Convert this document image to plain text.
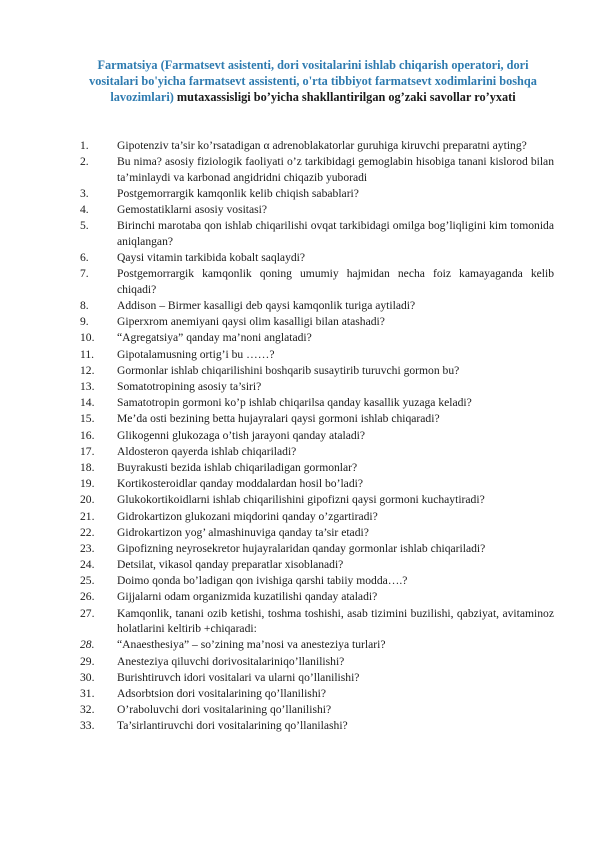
Farmatsiya (Farmatsevt asistenti, dori vositalarini ishlab chiqarish operatori, dori vositalari bo'yicha farmatsevt assistenti, o'rta tibbiyot farmatsevt xodimlarini boshqa lavozimlari) mutaxassisligi bo’yicha shakllantirilgan og’zaki savollar ro’yxati
1.	Gipotenziv ta’sir ko’rsatadigan α adrenoblakatorlar guruhiga kiruvchi preparatni ayting?
2.	Bu nima? asosiy fiziologik faoliyati o’z tarkibidagi gemoglabin hisobiga tanani kislorod bilan ta’minlaydi va karbonad angidridni chiqazib yuboradi
3.	Postgemorrargik kamqonlik kelib chiqish sabablari?
4.	Gemostatiklarni asosiy vositasi?
5.	Birinchi marotaba qon ishlab chiqarilishi ovqat tarkibidagi omilga bog’liqligini kim tomonida aniqlangan?
6.	Qaysi vitamin tarkibida kobalt saqlaydi?
7.	Postgemorrargik kamqonlik qoning umumiy hajmidan necha foiz kamayaganda kelib chiqadi?
8.	Addison – Birmer kasalligi deb qaysi kamqonlik turiga aytiladi?
9.	Giperxrom anemiyani qaysi olim kasalligi bilan atashadi?
10.	“Agregatsiya” qanday ma’noni anglatadi?
11.	Gipotalamusning ortig’i bu ……?
12.	Gormonlar ishlab chiqarilishini boshqarib susaytirib turuvchi gormon bu?
13.	Somatotropining asosiy ta’siri?
14.	Samatotropin gormoni ko’p ishlab chiqarilsa qanday kasallik yuzaga keladi?
15.	Me’da osti bezining betta hujayralari qaysi gormoni ishlab chiqaradi?
16.	Glikogenni glukozaga o’tish jarayoni qanday ataladi?
17.	Aldosteron qayerda ishlab chiqariladi?
18.	Buyrakusti bezida ishlab chiqariladigan gormonlar?
19.	Kortikosteroidlar qanday moddalardan hosil bo’ladi?
20.	Glukokortikoidlarni ishlab chiqarilishini gipofizni qaysi gormoni kuchaytiradi?
21.	Gidrokartizon glukozani miqdorini qanday o’zgartiradi?
22.	Gidrokartizon yog’ almashinuviga qanday ta’sir etadi?
23.	Gipofizning neyrosekretor hujayralaridan qanday gormonlar ishlab chiqariladi?
24.	Detsilat, vikasol qanday preparatlar xisoblanadi?
25.	Doimo qonda bo’ladigan qon ivishiga qarshi tabiiy modda….?
26.	Gijjalarni odam organizmida kuzatilishi qanday ataladi?
27.	Kamqonlik, tanani ozib ketishi, toshma toshishi, asab tizimini buzilishi, qabziyat, avitaminoz holatlarini keltirib +chiqaradi:
28.	“Anaesthesiya” – so’zining ma’nosi va anesteziya turlari?
29.	Anesteziya qiluvchi dorivositalariniqo’llanilishi?
30.	Burishtiruvch idori vositalari va ularni qo’llanilishi?
31.	Adsorbtsion dori vositalarining qo’llanilishi?
32.	O’raboluvchi dori vositalarining qo’llanilishi?
33.	Ta’sirlantiruvchi dori vositalarining qo’llanilashi?
